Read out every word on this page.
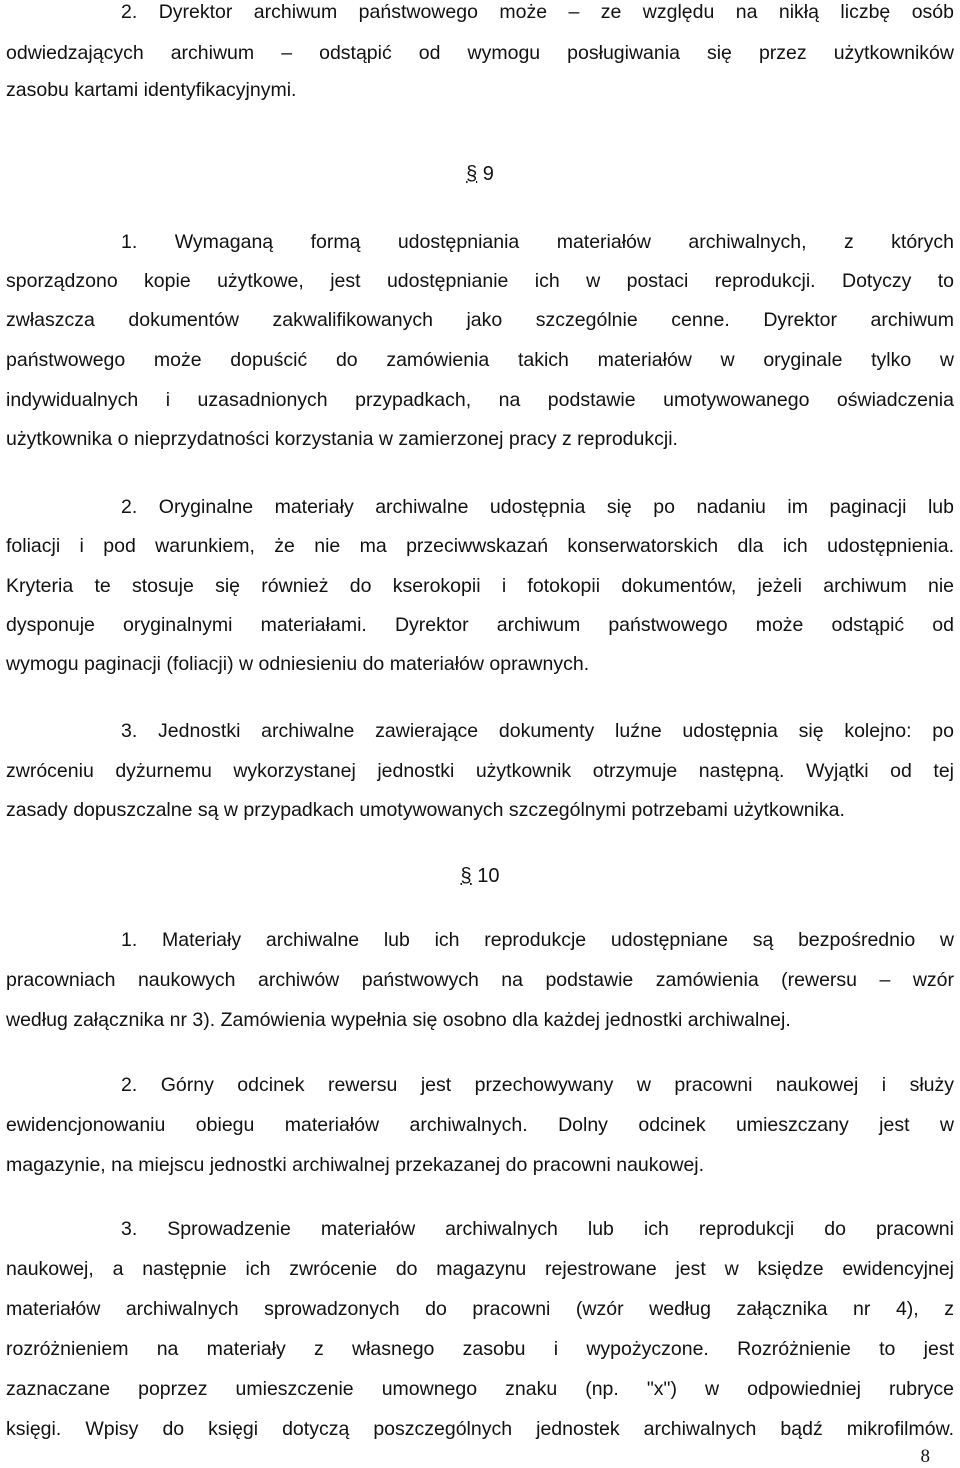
2. Dyrektor archiwum państwowego może – ze względu na nikłą liczbę osób
odwiedzających archiwum – odstąpić od wymogu posługiwania się przez użytkowników
zasobu kartami identyfikacyjnymi.
§ 9
1. Wymaganą formą udostępniania materiałów archiwalnych, z których
sporządzono kopie użytkowe, jest udostępnianie ich w postaci reprodukcji. Dotyczy to
zwłaszcza dokumentów zakwalifikowanych jako szczególnie cenne. Dyrektor archiwum
państwowego może dopuścić do zamówienia takich materiałów w oryginale tylko w
indywidualnych i uzasadnionych przypadkach, na podstawie umotywowanego oświadczenia
użytkownika o nieprzydatności korzystania w zamierzonej pracy z reprodukcji.
2. Oryginalne materiały archiwalne udostępnia się po nadaniu im paginacji lub
foliacji i pod warunkiem, że nie ma przeciwwskazań konserwatorskich dla ich udostępnienia.
Kryteria te stosuje się również do kserokopii i fotokopii dokumentów, jeżeli archiwum nie
dysponuje oryginalnymi materiałami. Dyrektor archiwum państwowego może odstąpić od
wymogu paginacji (foliacji) w odniesieniu do materiałów oprawnych.
3. Jednostki archiwalne zawierające dokumenty luźne udostępnia się kolejno: po
zwróceniu dyżurnemu wykorzystanej jednostki użytkownik otrzymuje następną. Wyjątki od tej
zasady dopuszczalne są w przypadkach umotywowanych szczególnymi potrzebami użytkownika.
§ 10
1. Materiały archiwalne lub ich reprodukcje udostępniane są bezpośrednio w
pracowniach naukowych archiwów państwowych na podstawie zamówienia (rewersu – wzór
według załącznika nr 3). Zamówienia wypełnia się osobno dla każdej jednostki archiwalnej.
2. Górny odcinek rewersu jest przechowywany w pracowni naukowej i służy
ewidencjonowaniu obiegu materiałów archiwalnych. Dolny odcinek umieszczany jest w
magazynie, na miejscu jednostki archiwalnej przekazanej do pracowni naukowej.
3. Sprowadzenie materiałów archiwalnych lub ich reprodukcji do pracowni
naukowej, a następnie ich zwrócenie do magazynu rejestrowane jest w księdze ewidencyjnej
materiałów archiwalnych sprowadzonych do pracowni (wzór według załącznika nr 4), z
rozróżnieniem na materiały z własnego zasobu i wypożyczone. Rozróżnienie to jest
zaznaczane poprzez umieszczenie umownego znaku (np. "x") w odpowiedniej rubryce
księgi. Wpisy do księgi dotyczą poszczególnych jednostek archiwalnych bądź mikrofilmów.
8
